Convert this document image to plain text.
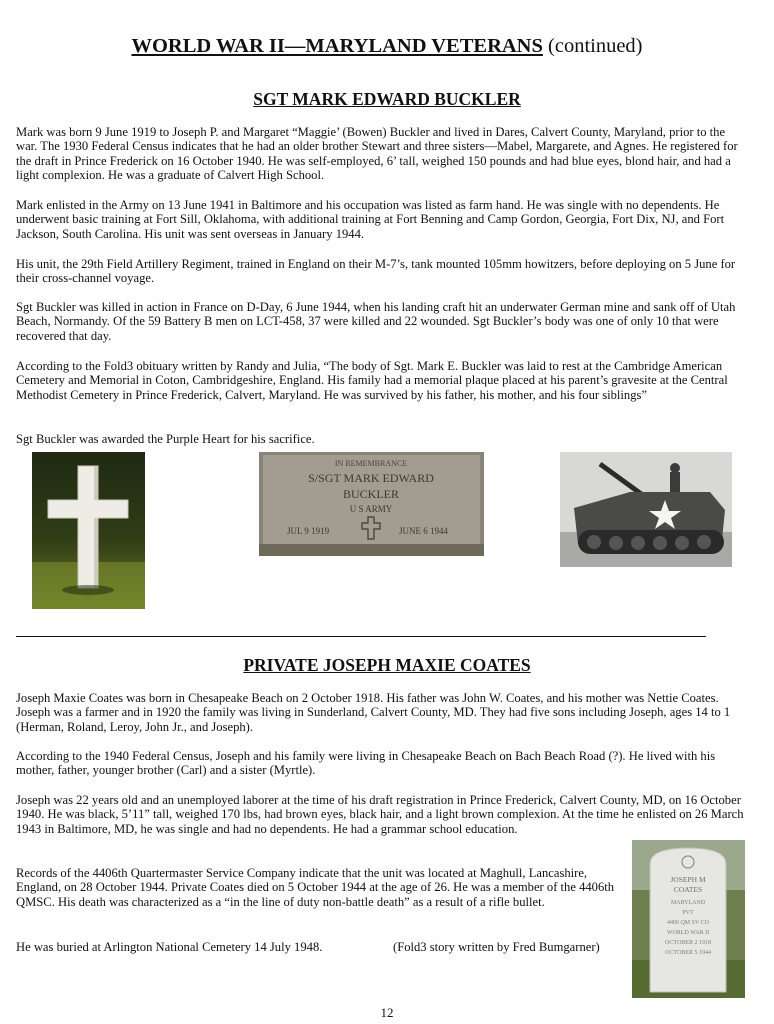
WORLD WAR II—MARYLAND VETERANS (continued)
SGT MARK EDWARD BUCKLER

Mark was born 9 June 1919 to Joseph P. and Margaret “Maggie’ (Bowen) Buckler and lived in Dares, Calvert County, Maryland, prior to the war. The 1930 Federal Census indicates that he had an older brother Stewart and three sisters—Mabel, Margarete, and Agnes. He registered for the draft in Prince Frederick on 16 October 1940. He was self-employed, 6’ tall, weighed 150 pounds and had blue eyes, blond hair, and had a light complexion. He was a graduate of Calvert High School.

Mark enlisted in the Army on 13 June 1941 in Baltimore and his occupation was listed as farm hand. He was single with no dependents. He underwent basic training at Fort Sill, Oklahoma, with additional training at Fort Benning and Camp Gordon, Georgia, Fort Dix, NJ, and Fort Jackson, South Carolina. His unit was sent overseas in January 1944.

His unit, the 29th Field Artillery Regiment, trained in England on their M-7’s, tank mounted 105mm howitzers, before deploying on 5 June for their cross-channel voyage.

Sgt Buckler was killed in action in France on D-Day, 6 June 1944, when his landing craft hit an underwater German mine and sank off of Utah Beach, Normandy. Of the 59 Battery B men on LCT-458, 37 were killed and 22 wounded. Sgt Buckler’s body was one of only 10 that were recovered that day.

According to the Fold3 obituary written by Randy and Julia, “The body of Sgt. Mark E. Buckler was laid to rest at the Cambridge American Cemetery and Memorial in Coton, Cambridgeshire, England. His family had a memorial plaque placed at his parent’s gravesite at the Central Methodist Cemetery in Prince Frederick, Calvert, Maryland. He was survived by his father, his mother, and his four siblings”

Sgt Buckler was awarded the Purple Heart for his sacrifice.

IN REMEMBRANCE
S/SGT MARK EDWARD
BUCKLER
U S ARMY
JUL 9 1919	JUNE 6 1944
PRIVATE JOSEPH MAXIE COATES

Joseph Maxie Coates was born in Chesapeake Beach on 2 October 1918. His father was John W. Coates, and his mother was Nettie Coates. Joseph was a farmer and in 1920 the family was living in Sunderland, Calvert County, MD. They had five sons including Joseph, ages 14 to 1 (Herman, Roland, Leroy, John Jr., and Joseph).

According to the 1940 Federal Census, Joseph and his family were living in Chesapeake Beach on Bach Beach Road (?). He lived with his mother, father, younger brother (Carl) and a sister (Myrtle).

Joseph was 22 years old and an unemployed laborer at the time of his draft registration in Prince Frederick, Calvert County, MD, on 16 October 1940. He was black, 5’11” tall, weighed 170 lbs, had brown eyes, black hair, and a light brown complexion. At the time he enlisted on 26 March 1943 in Baltimore, MD, he was single and had no dependents. He had a grammar school education.

Records of the 4406th Quartermaster Service Company indicate that the unit was located at Maghull, Lancashire, England, on 28 October 1944. Private Coates died on 5 October 1944 at the age of 26. He was a member of the 4406th QMSC. His death was characterized as a “in the line of duty non-battle death” as a result of a rifle bullet.

He was buried at Arlington National Cemetery 14 July 1948.	(Fold3 story written by Fred Bumgarner)
JOSEPH M
COATES
MARYLAND
PVT
4406 QM SV CO
WORLD WAR II
OCTOBER 2 1918
OCTOBER 5 1944
12
